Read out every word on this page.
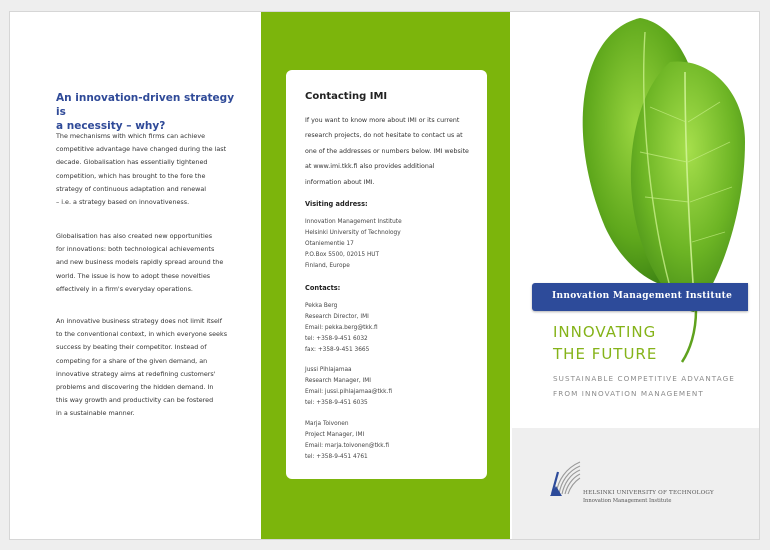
An innovation-driven strategy is
a necessity – why?
The mechanisms with which firms can achieve
competitive advantage have changed during the last
decade. Globalisation has essentially tightened
competition, which has brought to the fore the
strategy of continuous adaptation and renewal
– i.e. a strategy based on innovativeness.
Globalisation has also created new opportunities
for innovations: both technological achievements
and new business models rapidly spread around the
world. The issue is how to adopt these novelties
effectively in a firm's everyday operations.
An innovative business strategy does not limit itself
to the conventional context, in which everyone seeks
success by beating their competitor. Instead of
competing for a share of the given demand, an
innovative strategy aims at redefining customers'
problems and discovering the hidden demand. In
this way growth and productivity can be fostered
in a sustainable manner.
Contacting IMI
If you want to know more about IMI or its current
research projects, do not hesitate to contact us at
one of the addresses or numbers below. IMI website
at www.imi.tkk.fi also provides additional
information about IMI.
Visiting address:
Innovation Management Institute
Helsinki University of Technology
Otaniementie 17
P.O.Box 5500, 02015 HUT
Finland, Europe
Contacts:
Pekka Berg
Research Director, IMI
Email: pekka.berg@tkk.fi
tel: +358-9-451 6032
fax: +358-9-451 3665
Jussi Pihlajamaa
Research Manager, IMI
Email: jussi.pihlajamaa@tkk.fi
tel: +358-9-451 6035
Marja Toivonen
Project Manager, IMI
Email: marja.toivonen@tkk.fi
tel: +358-9-451 4761
Innovation Management Institute
INNOVATING
THE FUTURE
SUSTAINABLE COMPETITIVE ADVANTAGE
FROM INNOVATION MANAGEMENT
HELSINKI UNIVERSITY OF TECHNOLOGY
Innovation Management Institute
